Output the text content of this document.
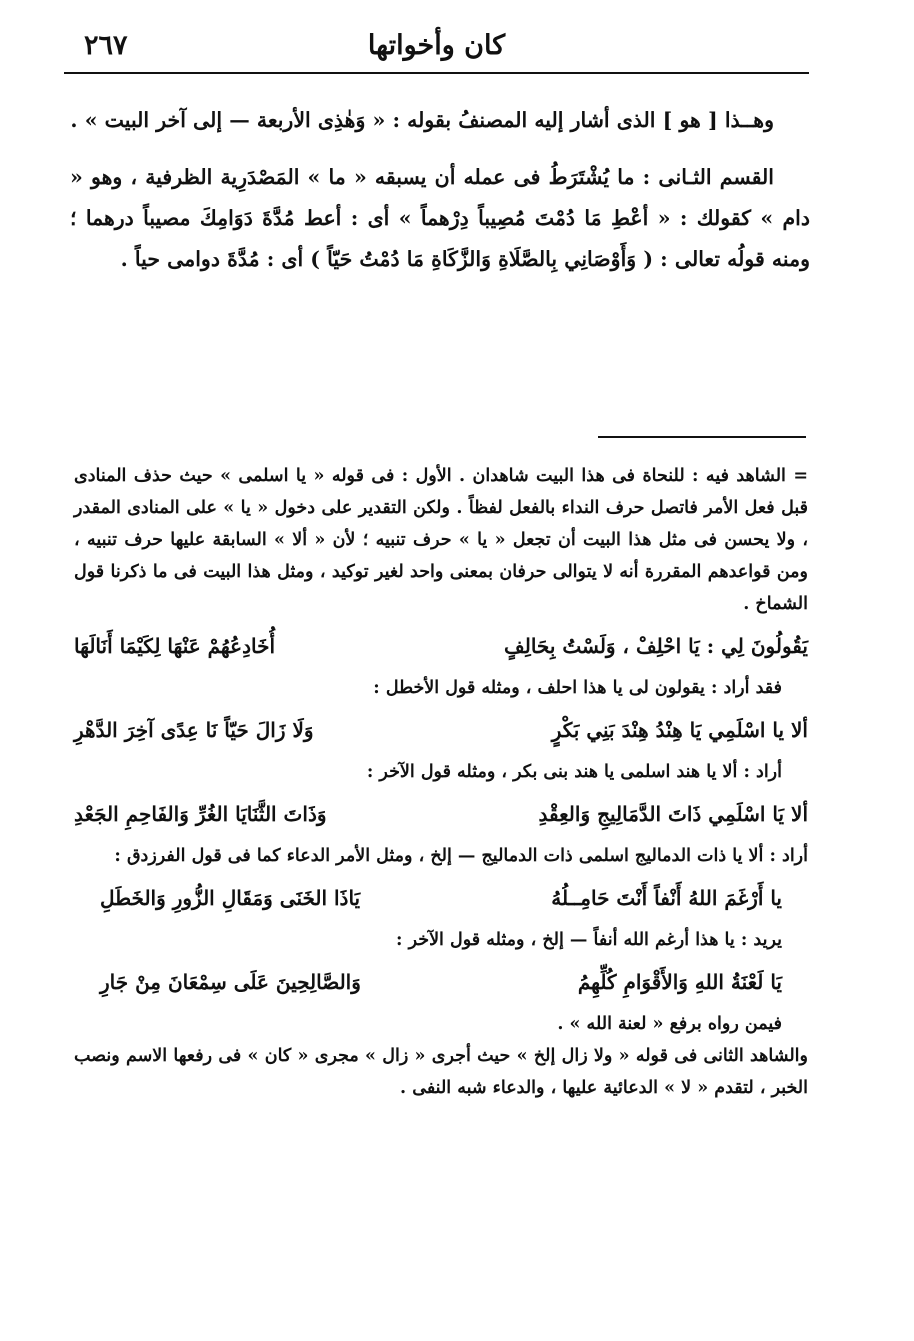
كان وأخواتها
٢٦٧

وهــذا [ هو ] الذى أشار إليه المصنفُ بقوله : « وَهٰذِى الأربعة — إلى آخر البيت » .

القسم الثـانى : ما يُشْتَرَطُ فى عمله أن يسبقه « ما » المَصْدَرِية الظرفية ، وهو « دام » كقولك : « أعْطِ مَا دُمْتَ مُصِيباً دِرْهماً » أى : أعط مُدَّةَ دَوَامِكَ مصيباً درهما ؛ ومنه قولُه تعالى : ( وَأَوْصَانِي بِالصَّلَاةِ وَالزَّكَاةِ مَا دُمْتُ حَيّاً ) أى : مُدَّةَ دوامى حياً .

= الشاهد فيه : للنحاة فى هذا البيت شاهدان . الأول : فى قوله « يا اسلمى » حيث حذف المنادى قبل فعل الأمر فاتصل حرف النداء بالفعل لفظاً . ولكن التقدير على دخول « يا » على المنادى المقدر ، ولا يحسن فى مثل هذا البيت أن تجعل « يا » حرف تنبيه ؛ لأن « ألا » السابقة عليها حرف تنبيه ، ومن قواعدهم المقررة أنه لا يتوالى حرفان بمعنى واحد لغير توكيد ، ومثل هذا البيت فى ما ذكرنا قول الشماخ .

يَقُولُونَ لِي : يَا احْلِفْ ، وَلَسْتُ بِحَالِفٍ
أُخَادِعُهُمْ عَنْهَا لِكَيْمَا أَنَالَهَا

فقد أراد : يقولون لى يا هذا احلف ، ومثله قول الأخطل :

ألا يا اسْلَمِي يَا هِنْدُ هِنْدَ بَنِي بَكْرٍ
وَلَا زَالَ حَيّاً نَا عِدًى آخِرَ الدَّهْرِ

أراد : ألا يا هند اسلمى يا هند بنى بكر ، ومثله قول الآخر :

ألا يَا اسْلَمِي ذَاتَ الدَّمَالِيجِ وَالعِقْدِ
وَذَاتَ الثَّنَايَا الغُرِّ وَالفَاحِمِ الجَعْدِ

أراد : ألا يا ذات الدماليج اسلمى ذات الدماليج — إلخ ، ومثل الأمر الدعاء كما فى قول الفرزدق :

يا أَرْغَمَ اللهُ أَنْفاً أَنْتَ حَامِــلُهُ
يَاذَا الخَنَى وَمَقَالِ الزُّورِ وَالخَطَلِ

يريد : يا هذا أرغم الله أنفاً — إلخ ، ومثله قول الآخر :

يَا لَعْنَةُ اللهِ وَالأَقْوَامِ كُلِّهِمُ
وَالصَّالِحِينَ عَلَى سِمْعَانَ مِنْ جَارِ

فيمن رواه برفع « لعنة الله » .

والشاهد الثانى فى قوله « ولا زال إلخ » حيث أجرى « زال » مجرى « كان » فى رفعها الاسم ونصب الخبر ، لتقدم « لا » الدعائية عليها ، والدعاء شبه النفى .
